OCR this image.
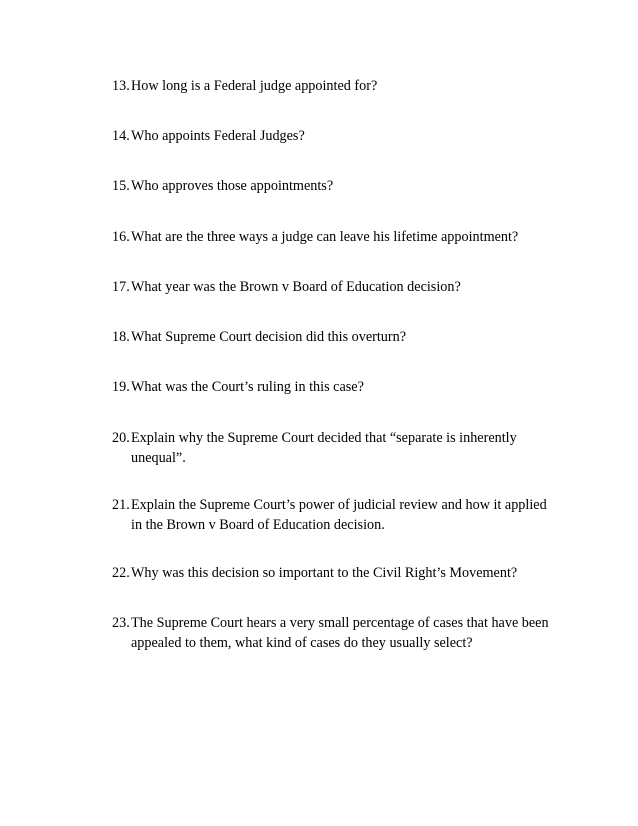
13. How long is a Federal judge appointed for?
14. Who appoints Federal Judges?
15. Who approves those appointments?
16. What are the three ways a judge can leave his lifetime appointment?
17. What year was the Brown v Board of Education decision?
18. What Supreme Court decision did this overturn?
19. What was the Court’s ruling in this case?
20. Explain why the Supreme Court decided that “separate is inherently unequal”.
21. Explain the Supreme Court’s power of judicial review and how it applied in the Brown v Board of Education decision.
22. Why was this decision so important to the Civil Right’s Movement?
23. The Supreme Court hears a very small percentage of cases that have been appealed to them, what kind of cases do they usually select?
